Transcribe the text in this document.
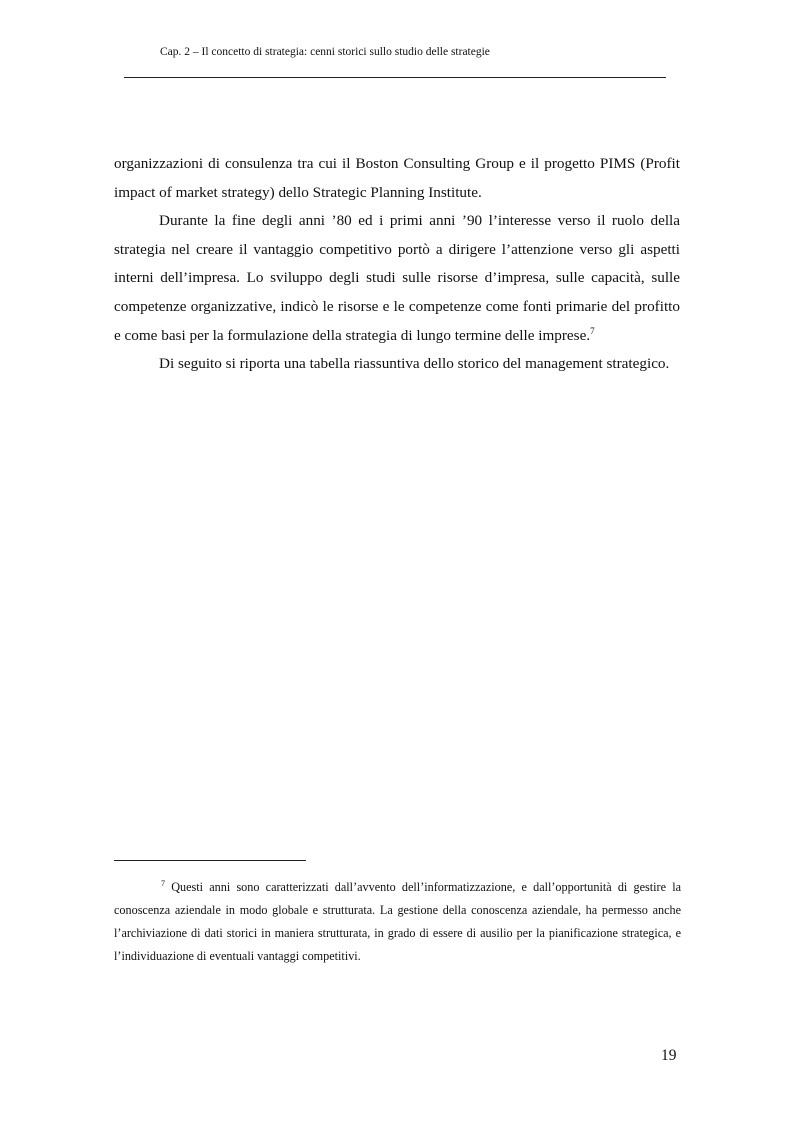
Cap. 2 – Il concetto di strategia: cenni storici sullo studio delle strategie

organizzazioni di consulenza tra cui il Boston Consulting Group e il progetto PIMS (Profit impact of market strategy) dello Strategic Planning Institute.

Durante la fine degli anni ’80 ed i primi anni ’90 l’interesse verso il ruolo della strategia nel creare il vantaggio competitivo portò a dirigere l’attenzione verso gli aspetti interni dell’impresa. Lo sviluppo degli studi sulle risorse d’impresa, sulle capacità, sulle competenze organizzative, indicò le risorse e le competenze come fonti primarie del profitto e come basi per la formulazione della strategia di lungo termine delle imprese.$^7$

Di seguito si riporta una tabella riassuntiva dello storico del management strategico.

$^7$ Questi anni sono caratterizzati dall’avvento dell’informatizzazione, e dall’opportunità di gestire la conoscenza aziendale in modo globale e strutturata. La gestione della conoscenza aziendale, ha permesso anche l’archiviazione di dati storici in maniera strutturata, in grado di essere di ausilio per la pianificazione strategica, e l’individuazione di eventuali vantaggi competitivi.
19
